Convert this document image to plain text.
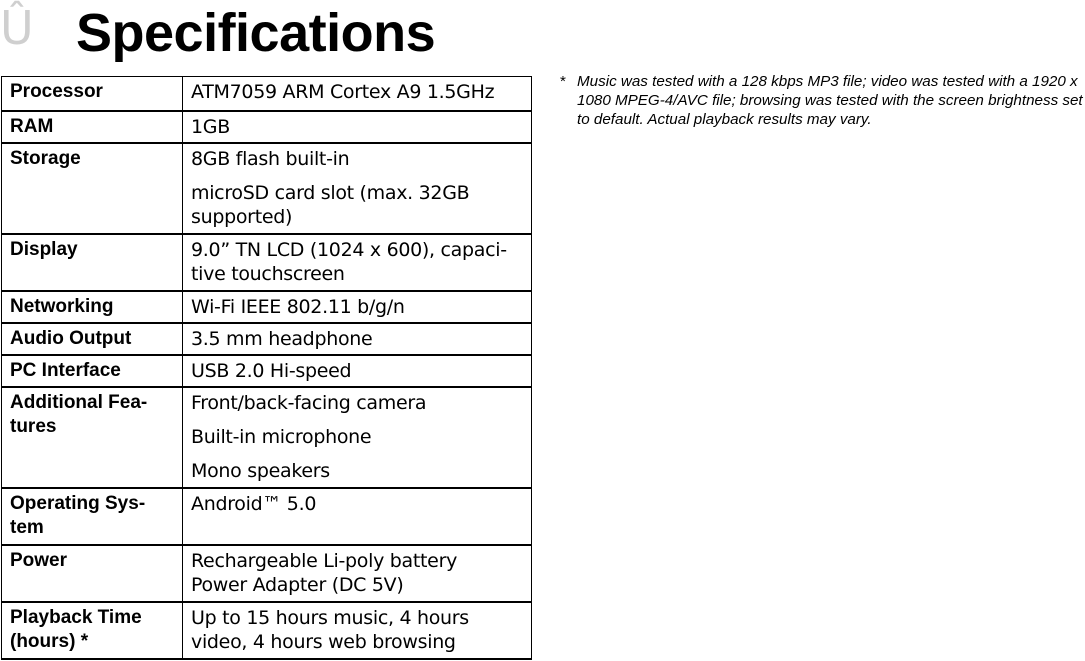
Û Specifications
Processor	ATM7059 ARM Cortex A9 1.5GHz

RAM	1GB

Storage	8GB flash built-in
microSD card slot (max. 32GB supported)

Display	9.0” TN LCD (1024 x 600), capaci-tive touchscreen

Networking	Wi-Fi IEEE 802.11 b/g/n

Audio Output	3.5 mm headphone

PC Interface	USB 2.0 Hi-speed

Additional Fea-tures	Front/back-facing camera
Built-in microphone
Mono speakers

Operating Sys-tem	Android™ 5.0

Power	Rechargeable Li-poly battery
Power Adapter (DC 5V)

Playback Time (hours) *	Up to 15 hours music, 4 hours video, 4 hours web browsing
* Music was tested with a 128 kbps MP3 file; video was tested with a 1920 x 1080 MPEG-4/AVC file; browsing was tested with the screen brightness set to default. Actual playback results may vary.
